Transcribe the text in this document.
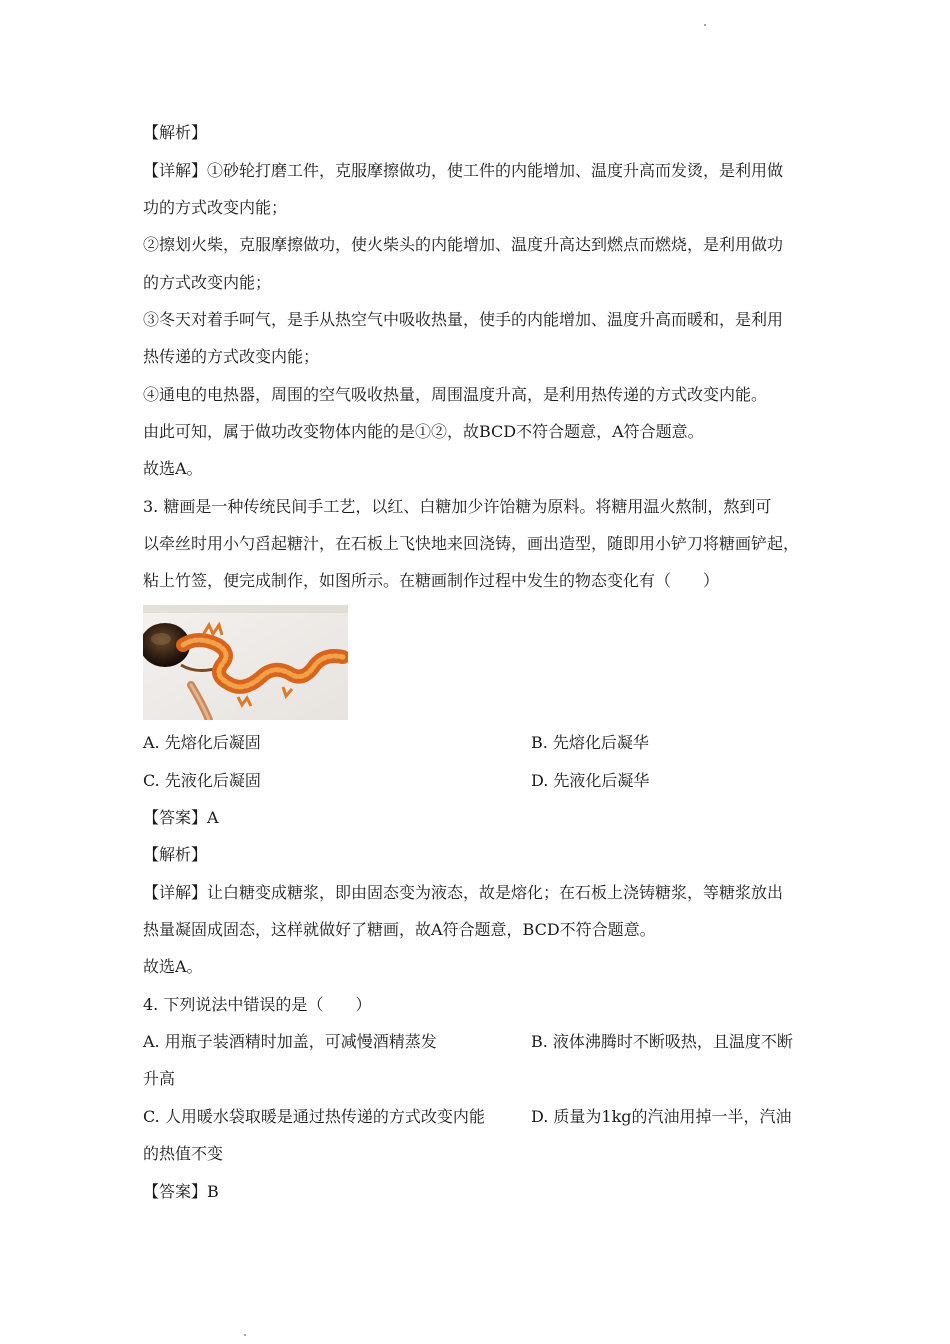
【解析】
【详解】①砂轮打磨工件，克服摩擦做功，使工件的内能增加、温度升高而发烫，是利用做
功的方式改变内能；
②擦划火柴，克服摩擦做功，使火柴头的内能增加、温度升高达到燃点而燃烧，是利用做功
的方式改变内能；
③冬天对着手呵气，是手从热空气中吸收热量，使手的内能增加、温度升高而暖和，是利用
热传递的方式改变内能；
④通电的电热器，周围的空气吸收热量，周围温度升高，是利用热传递的方式改变内能。
由此可知，属于做功改变物体内能的是①②，故BCD不符合题意，A符合题意。
故选A。
3. 糖画是一种传统民间手工艺，以红、白糖加少许饴糖为原料。将糖用温火熬制，熬到可
以牵丝时用小勺舀起糖汁，在石板上飞快地来回浇铸，画出造型，随即用小铲刀将糖画铲起，
粘上竹签，便完成制作，如图所示。在糖画制作过程中发生的物态变化有（　　）
A. 先熔化后凝固	B. 先熔化后凝华
C. 先液化后凝固	D. 先液化后凝华
【答案】A
【解析】
【详解】让白糖变成糖浆，即由固态变为液态，故是熔化；在石板上浇铸糖浆，等糖浆放出
热量凝固成固态，这样就做好了糖画，故A符合题意，BCD不符合题意。
故选A。
4. 下列说法中错误的是（　　）
A. 用瓶子装酒精时加盖，可减慢酒精蒸发	B. 液体沸腾时不断吸热，且温度不断
升高
C. 人用暖水袋取暖是通过热传递的方式改变内能	D. 质量为1kg的汽油用掉一半，汽油
的热值不变
【答案】B
